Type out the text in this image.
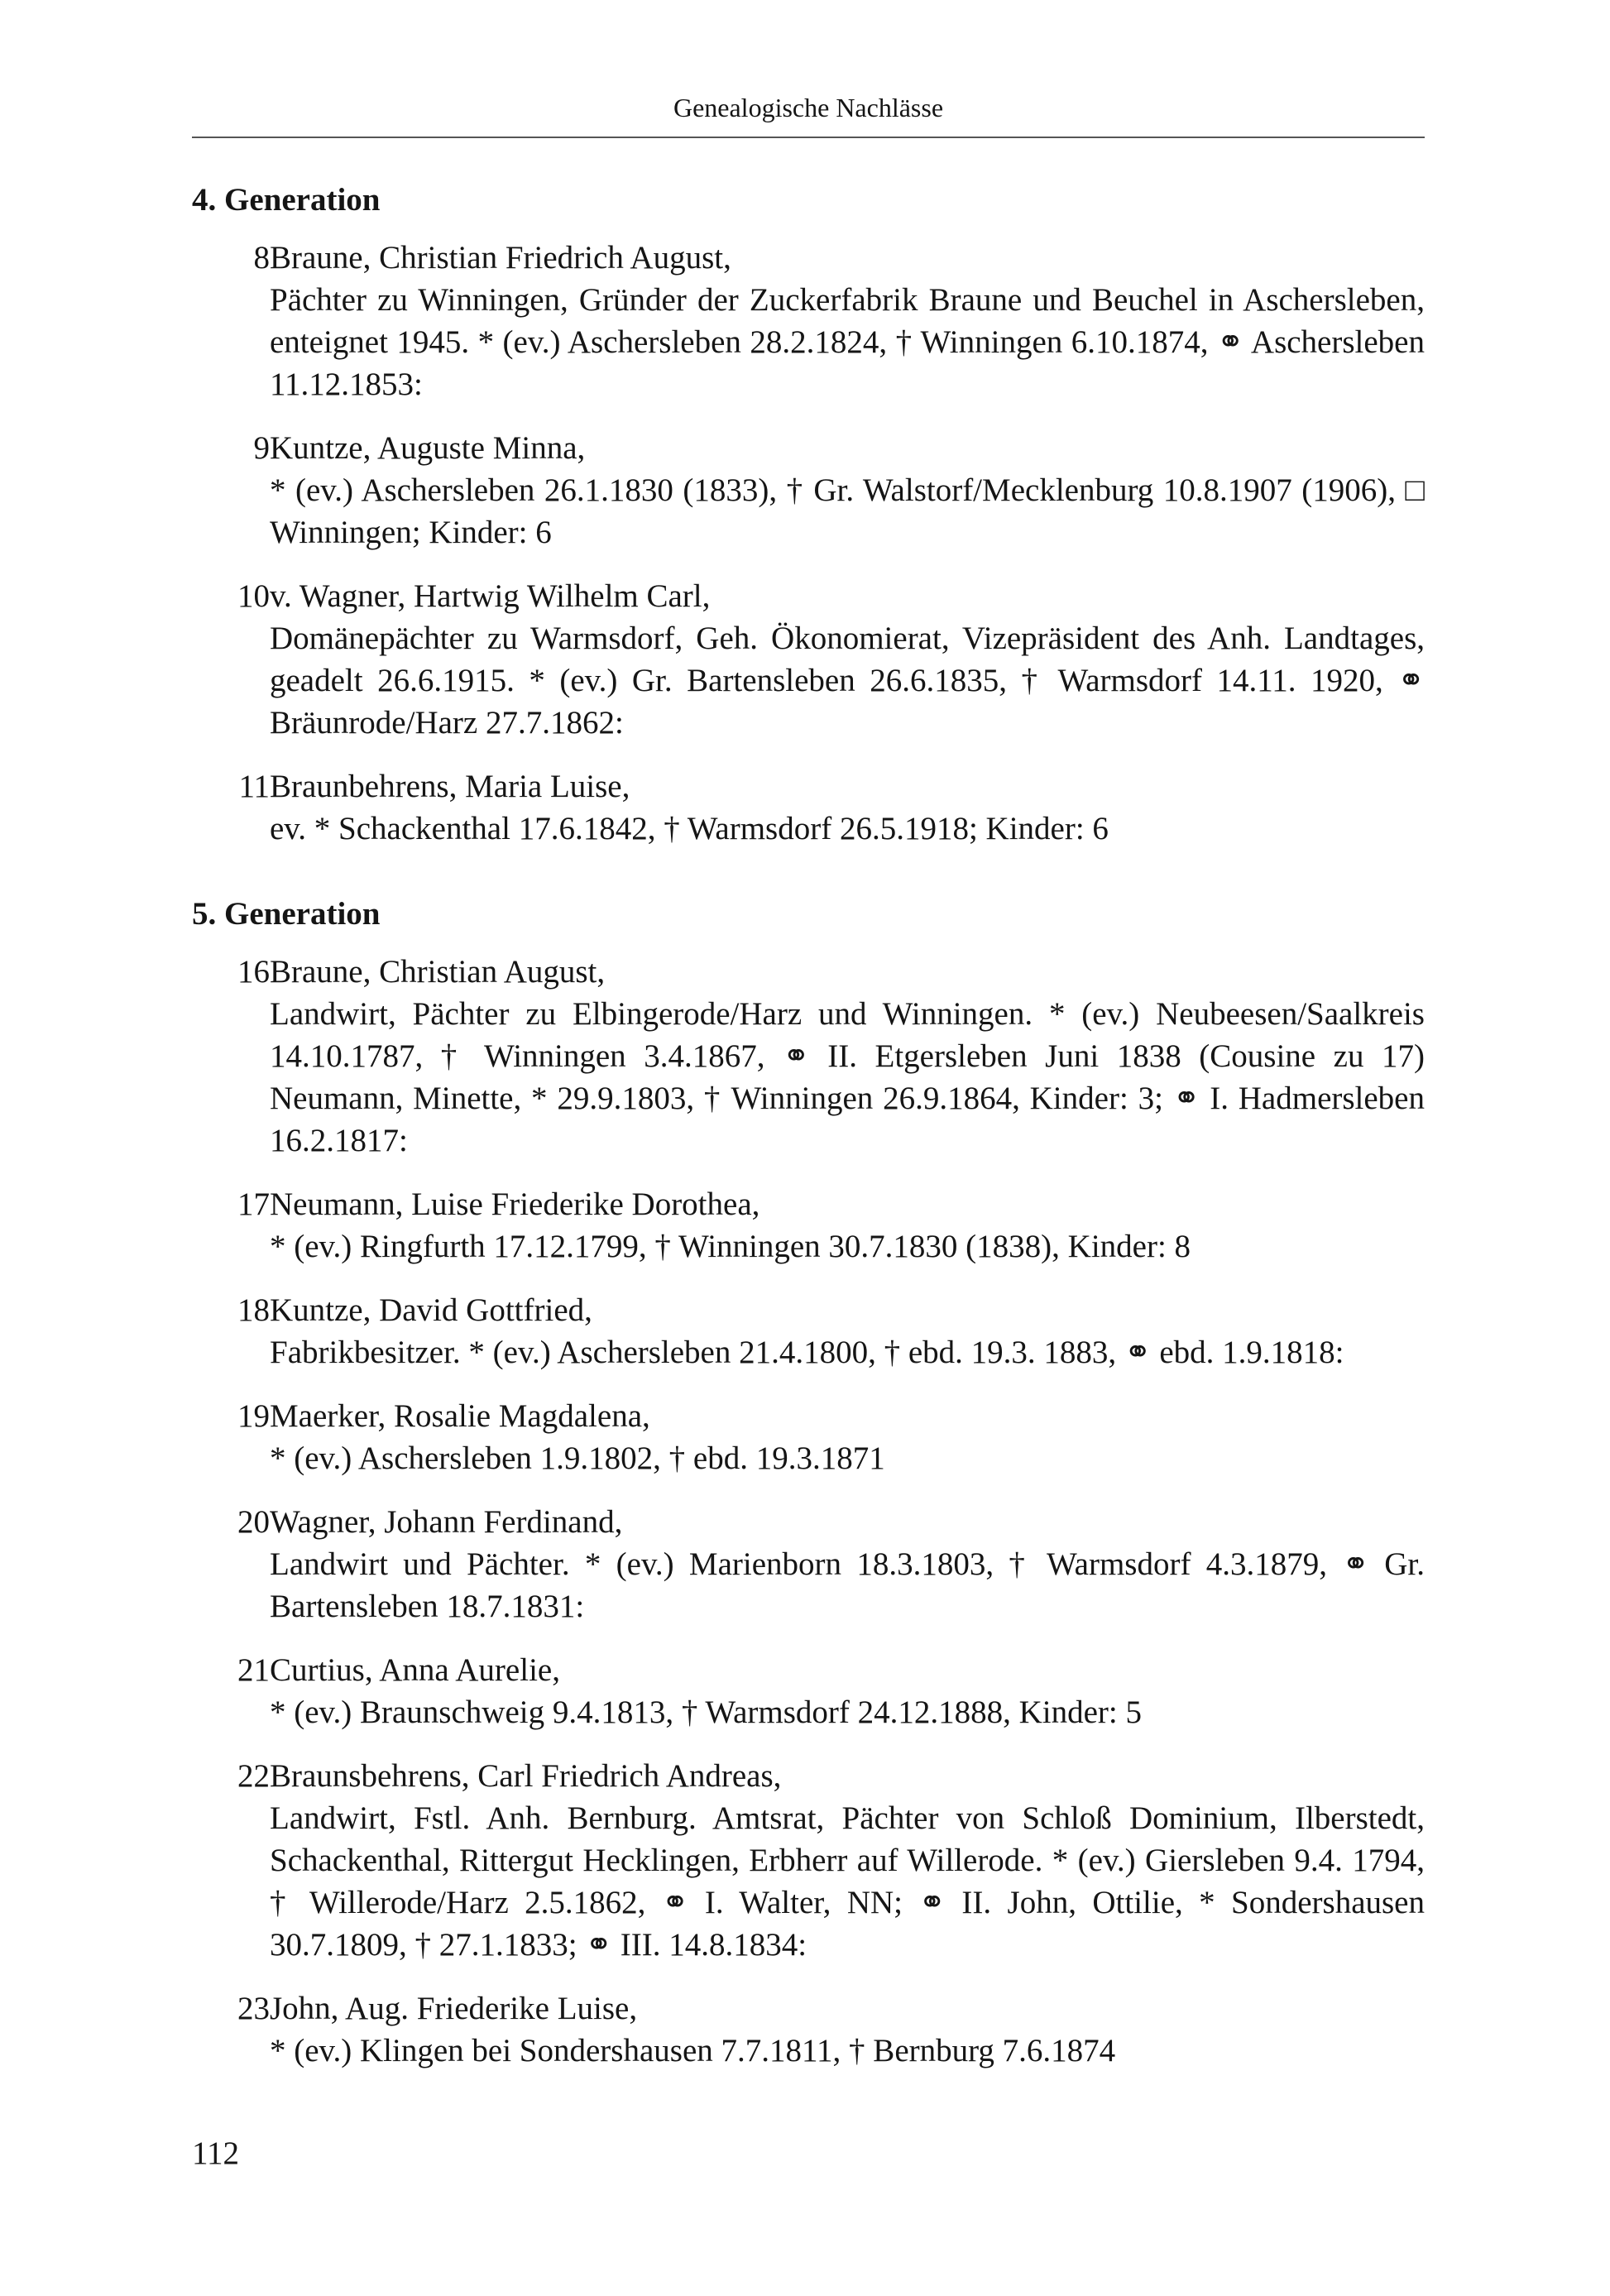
Genealogische Nachlässe
4. Generation
8 Braune, Christian Friedrich August,
Pächter zu Winningen, Gründer der Zuckerfabrik Braune und Beuchel in Aschersleben, enteignet 1945. * (ev.) Aschersleben 28.2.1824, † Winningen 6.10.1874, ⚭ Aschersleben 11.12.1853:
9 Kuntze, Auguste Minna,
* (ev.) Aschersleben 26.1.1830 (1833), † Gr. Walstorf/Mecklenburg 10.8.1907 (1906), □ Winningen; Kinder: 6
10 v. Wagner, Hartwig Wilhelm Carl,
Domänepächter zu Warmsdorf, Geh. Ökonomierat, Vizepräsident des Anh. Landtages, geadelt 26.6.1915. * (ev.) Gr. Bartensleben 26.6.1835, † Warmsdorf 14.11. 1920, ⚭ Bräunrode/Harz 27.7.1862:
11 Braunbehrens, Maria Luise,
ev. * Schackenthal 17.6.1842, † Warmsdorf 26.5.1918; Kinder: 6
5. Generation
16 Braune, Christian August,
Landwirt, Pächter zu Elbingerode/Harz und Winningen. * (ev.) Neubeesen/Saalkreis 14.10.1787, † Winningen 3.4.1867, ⚭ II. Etgersleben Juni 1838 (Cousine zu 17) Neumann, Minette, * 29.9.1803, † Winningen 26.9.1864, Kinder: 3; ⚭ I. Hadmersleben 16.2.1817:
17 Neumann, Luise Friederike Dorothea,
* (ev.) Ringfurth 17.12.1799, † Winningen 30.7.1830 (1838), Kinder: 8
18 Kuntze, David Gottfried,
Fabrikbesitzer. * (ev.) Aschersleben 21.4.1800, † ebd. 19.3. 1883, ⚭ ebd. 1.9.1818:
19 Maerker, Rosalie Magdalena,
* (ev.) Aschersleben 1.9.1802, † ebd. 19.3.1871
20 Wagner, Johann Ferdinand,
Landwirt und Pächter. * (ev.) Marienborn 18.3.1803, † Warmsdorf 4.3.1879, ⚭ Gr. Bartensleben 18.7.1831:
21 Curtius, Anna Aurelie,
* (ev.) Braunschweig 9.4.1813, † Warmsdorf 24.12.1888, Kinder: 5
22 Braunsbehrens, Carl Friedrich Andreas,
Landwirt, Fstl. Anh. Bernburg. Amtsrat, Pächter von Schloß Dominium, Ilberstedt, Schackenthal, Rittergut Hecklingen, Erbherr auf Willerode. * (ev.) Giersleben 9.4. 1794, † Willerode/Harz 2.5.1862, ⚭ I. Walter, NN; ⚭ II. John, Ottilie, * Sondershausen 30.7.1809, † 27.1.1833; ⚭ III. 14.8.1834:
23 John, Aug. Friederike Luise,
* (ev.) Klingen bei Sondershausen 7.7.1811, † Bernburg 7.6.1874
112
